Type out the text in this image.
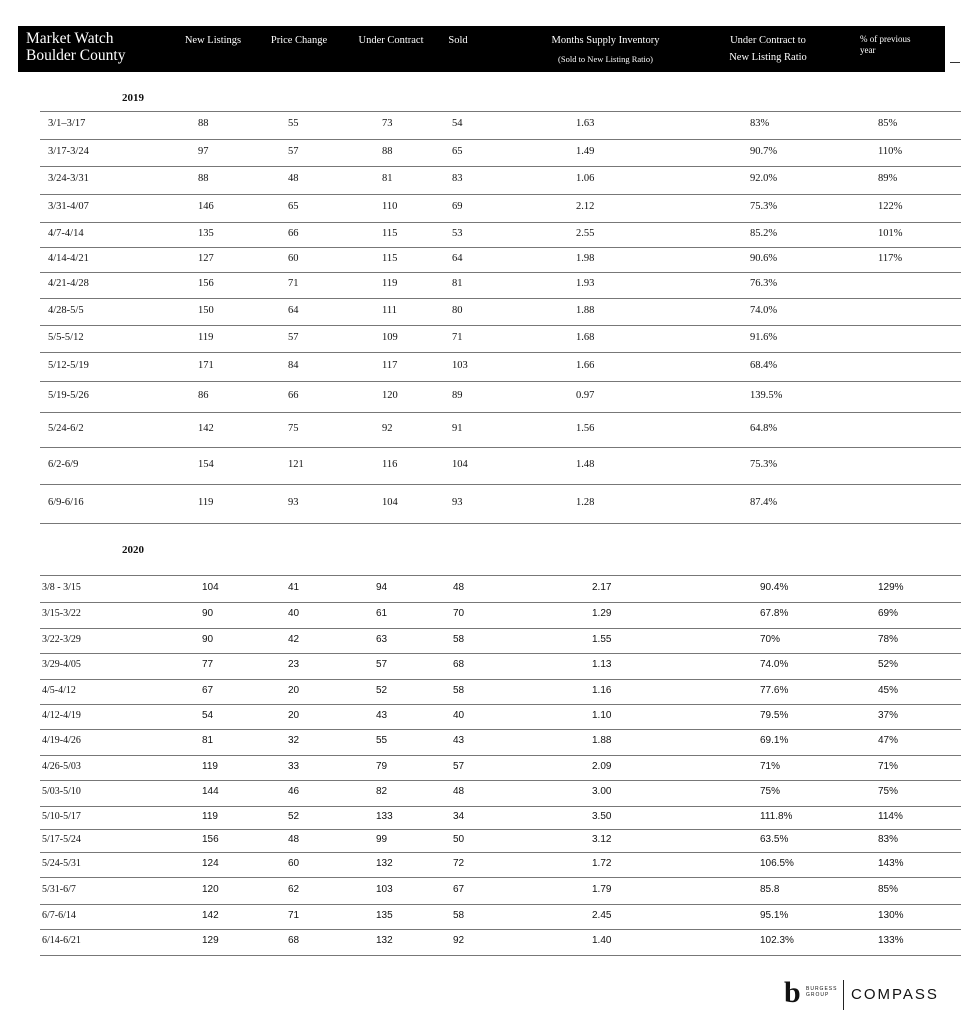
Market Watch
Boulder County
New Listings	Price Change	Under Contract	Sold	Months Supply Inventory
(Sold to New Listing Ratio)
Under Contract to
New Listing Ratio
% of previous
year
2019
2020
3/1–3/17	88	55	73	54	1.63	83%	85%
3/17-3/24	97	57	88	65	1.49	90.7%	110%
3/24-3/31	88	48	81	83	1.06	92.0%	89%
3/31-4/07	146	65	110	69	2.12	75.3%	122%
4/7-4/14	135	66	115	53	2.55	85.2%	101%
4/14-4/21	127	60	115	64	1.98	90.6%	117%
4/21-4/28	156	71	119	81	1.93	76.3%
4/28-5/5	150	64	111	80	1.88	74.0%
5/5-5/12	119	57	109	71	1.68	91.6%
5/12-5/19	171	84	117	103	1.66	68.4%
5/19-5/26	86	66	120	89	0.97	139.5%
5/24-6/2	142	75	92	91	1.56	64.8%
6/2-6/9	154	121	116	104	1.48	75.3%
6/9-6/16	119	93	104	93	1.28	87.4%
3/8 - 3/15	104	41	94	48	2.17	90.4%	129%
3/15-3/22	90	40	61	70	1.29	67.8%	69%
3/22-3/29	90	42	63	58	1.55	70%	78%
3/29-4/05	77	23	57	68	1.13	74.0%	52%
4/5-4/12	67	20	52	58	1.16	77.6%	45%
4/12-4/19	54	20	43	40	1.10	79.5%	37%
4/19-4/26	81	32	55	43	1.88	69.1%	47%
4/26-5/03	119	33	79	57	2.09	71%	71%
5/03-5/10	144	46	82	48	3.00	75%	75%
5/10-5/17	119	52	133	34	3.50	111.8%	114%
5/17-5/24	156	48	99	50	3.12	63.5%	83%
5/24-5/31	124	60	132	72	1.72	106.5%	143%
5/31-6/7	120	62	103	67	1.79	85.8	85%
6/7-6/14	142	71	135	58	2.45	95.1%	130%
6/14-6/21	129	68	132	92	1.40	102.3%	133%
b	BURGESS
GROUP	COMPASS
